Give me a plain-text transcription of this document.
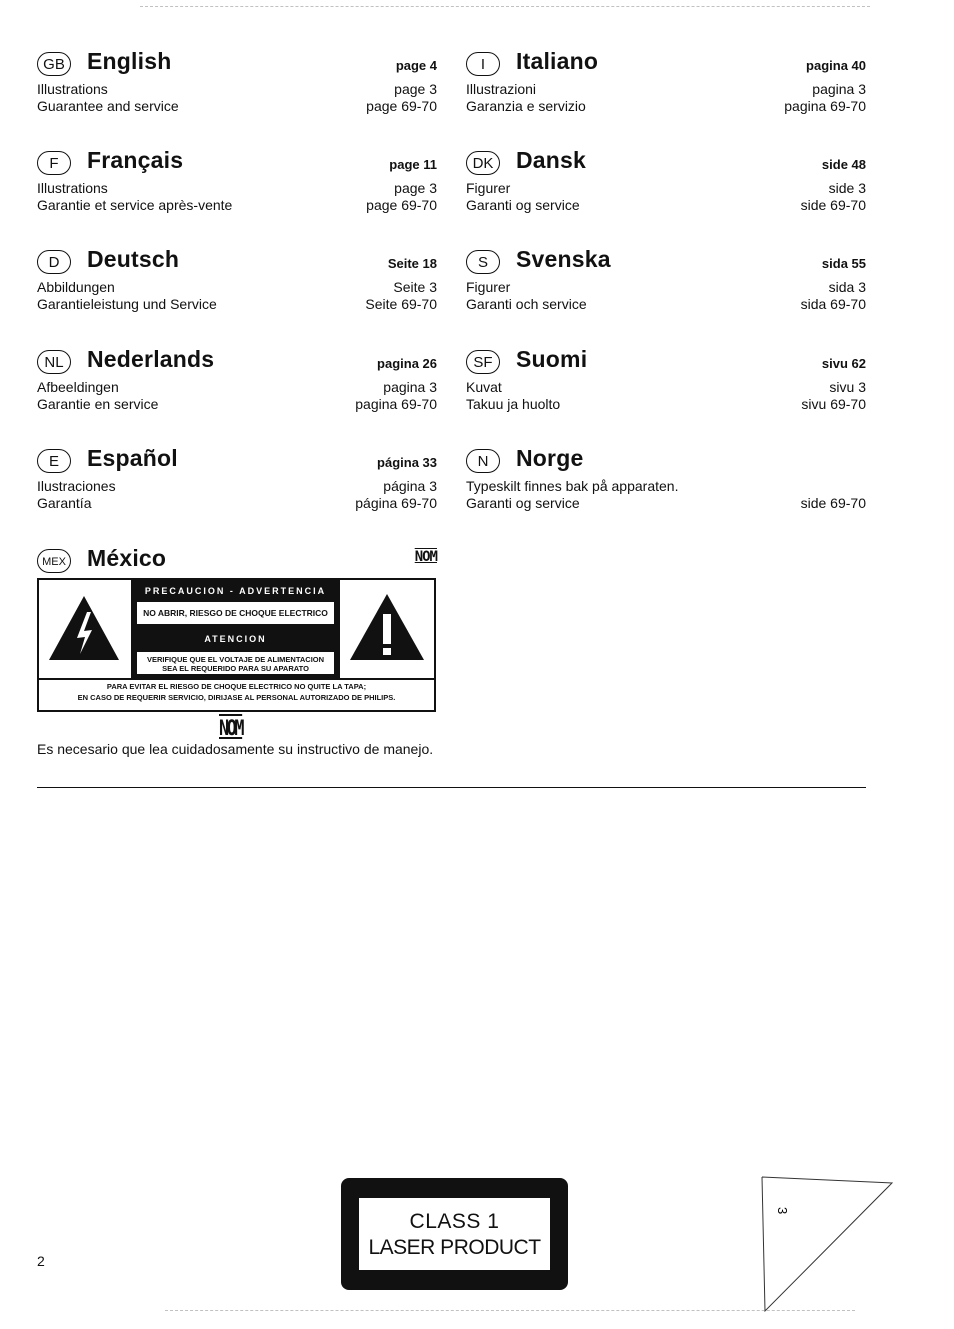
GB English	page 4
Illustrations	page 3
Guarantee and service	page 69-70
F	Français	page 11
Illustrations	page 3
Garantie et service après-vente	page 69-70
D	Deutsch	Seite 18
Abbildungen	Seite 3
Garantieleistung und Service	Seite 69-70
NL	Nederlands	pagina 26
Afbeeldingen	pagina 3
Garantie en service	pagina 69-70
E	Español	página 33
Ilustraciones	página 3
Garantía	página 69-70
I	Italiano	pagina 40
Illustrazioni	pagina 3
Garanzia e servizio	pagina 69-70
DK Dansk	side 48
Figurer	side 3
Garanti og service	side 69-70
S	Svenska	sida 55
Figurer	sida 3
Garanti och service	sida 69-70
SF	Suomi	sivu 62
Kuvat	sivu 3
Takuu ja huolto	sivu 69-70
N	Norge
Typeskilt finnes bak på apparaten.
Garanti og service	side 69-70
MEX México	NOM
PRECAUCION - ADVERTENCIA
NO ABRIR, RIESGO DE CHOQUE ELECTRICO
ATENCION
VERIFIQUE QUE EL VOLTAJE DE ALIMENTACION
SEA EL REQUERIDO PARA SU APARATO
PARA EVITAR EL RIESGO DE CHOQUE ELECTRICO NO QUITE LA TAPA;
EN CASO DE REQUERIR SERVICIO, DIRIJASE AL PERSONAL AUTORIZADO DE PHILIPS.
NOM
Es necesario que lea cuidadosamente su instructivo de manejo.
2
CLASS 1
LASER PRODUCT
3
